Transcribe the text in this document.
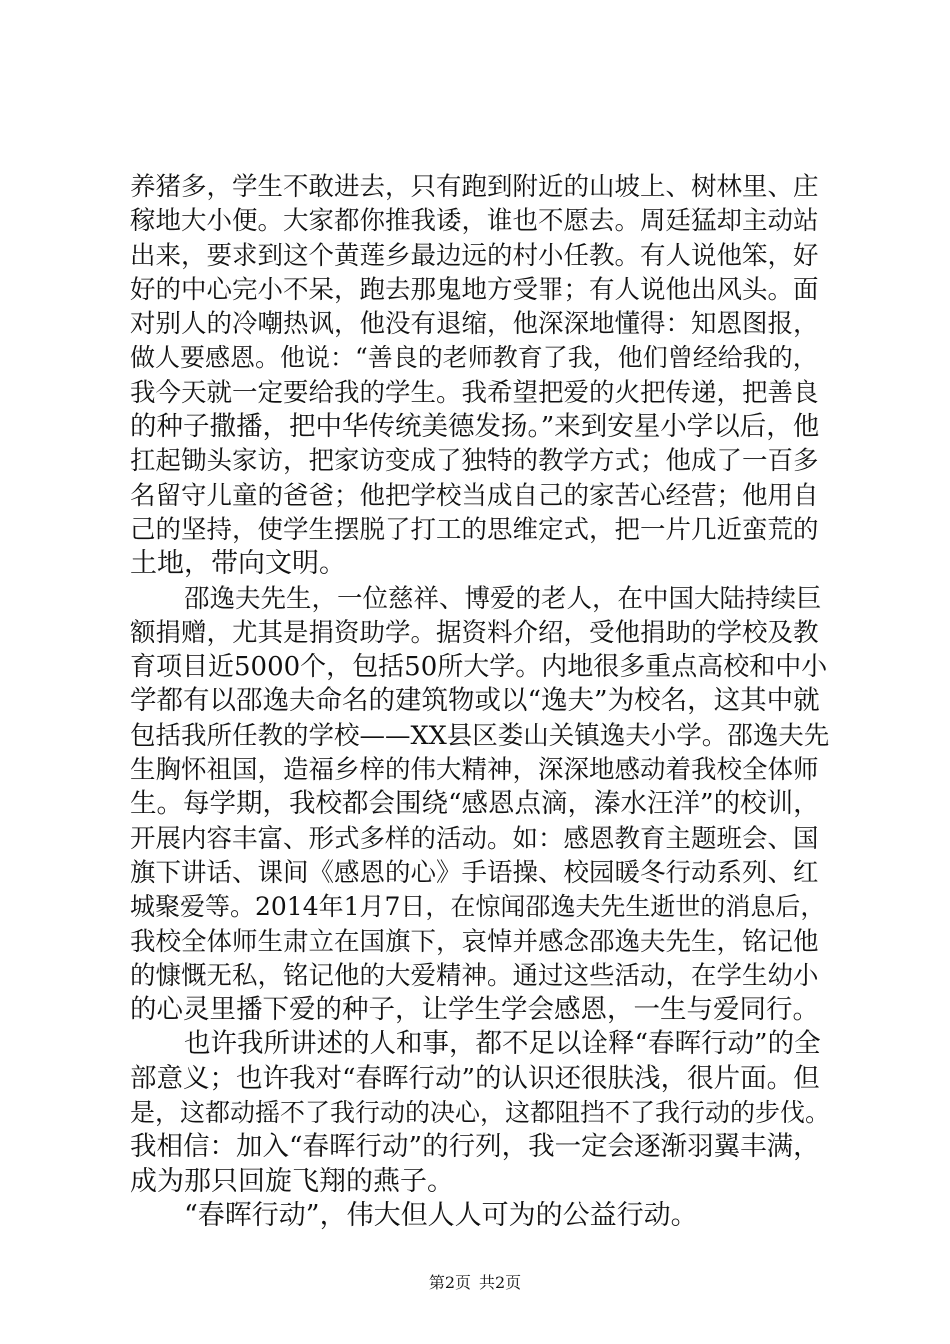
养猪多，学生不敢进去，只有跑到附近的山坡上、树林里、庄
稼地大小便。大家都你推我诿，谁也不愿去。周廷猛却主动站
出来，要求到这个黄莲乡最边远的村小任教。有人说他笨，好
好的中心完小不呆，跑去那鬼地方受罪；有人说他出风头。面
对别人的冷嘲热讽，他没有退缩，他深深地懂得：知恩图报，
做人要感恩。他说：“善良的老师教育了我，他们曾经给我的，
我今天就一定要给我的学生。我希望把爱的火把传递，把善良
的种子撒播，把中华传统美德发扬。”来到安星小学以后，他
扛起锄头家访，把家访变成了独特的教学方式；他成了一百多
名留守儿童的爸爸；他把学校当成自己的家苦心经营；他用自
己的坚持，使学生摆脱了打工的思维定式，把一片几近蛮荒的
土地，带向文明。
邵逸夫先生，一位慈祥、博爱的老人，在中国大陆持续巨
额捐赠，尤其是捐资助学。据资料介绍，受他捐助的学校及教
育项目近5000个，包括50所大学。内地很多重点高校和中小
学都有以邵逸夫命名的建筑物或以“逸夫”为校名，这其中就
包括我所任教的学校——XX县区娄山关镇逸夫小学。邵逸夫先
生胸怀祖国，造福乡梓的伟大精神，深深地感动着我校全体师
生。每学期，我校都会围绕“感恩点滴，溱水汪洋”的校训，
开展内容丰富、形式多样的活动。如：感恩教育主题班会、国
旗下讲话、课间《感恩的心》手语操、校园暖冬行动系列、红
城聚爱等。2014年1月7日，在惊闻邵逸夫先生逝世的消息后，
我校全体师生肃立在国旗下，哀悼并感念邵逸夫先生，铭记他
的慷慨无私，铭记他的大爱精神。通过这些活动，在学生幼小
的心灵里播下爱的种子，让学生学会感恩，一生与爱同行。
也许我所讲述的人和事，都不足以诠释“春晖行动”的全
部意义；也许我对“春晖行动”的认识还很肤浅，很片面。但
是，这都动摇不了我行动的决心，这都阻挡不了我行动的步伐。
我相信：加入“春晖行动”的行列，我一定会逐渐羽翼丰满，
成为那只回旋飞翔的燕子。
“春晖行动”，伟大但人人可为的公益行动。
第2页 共2页
